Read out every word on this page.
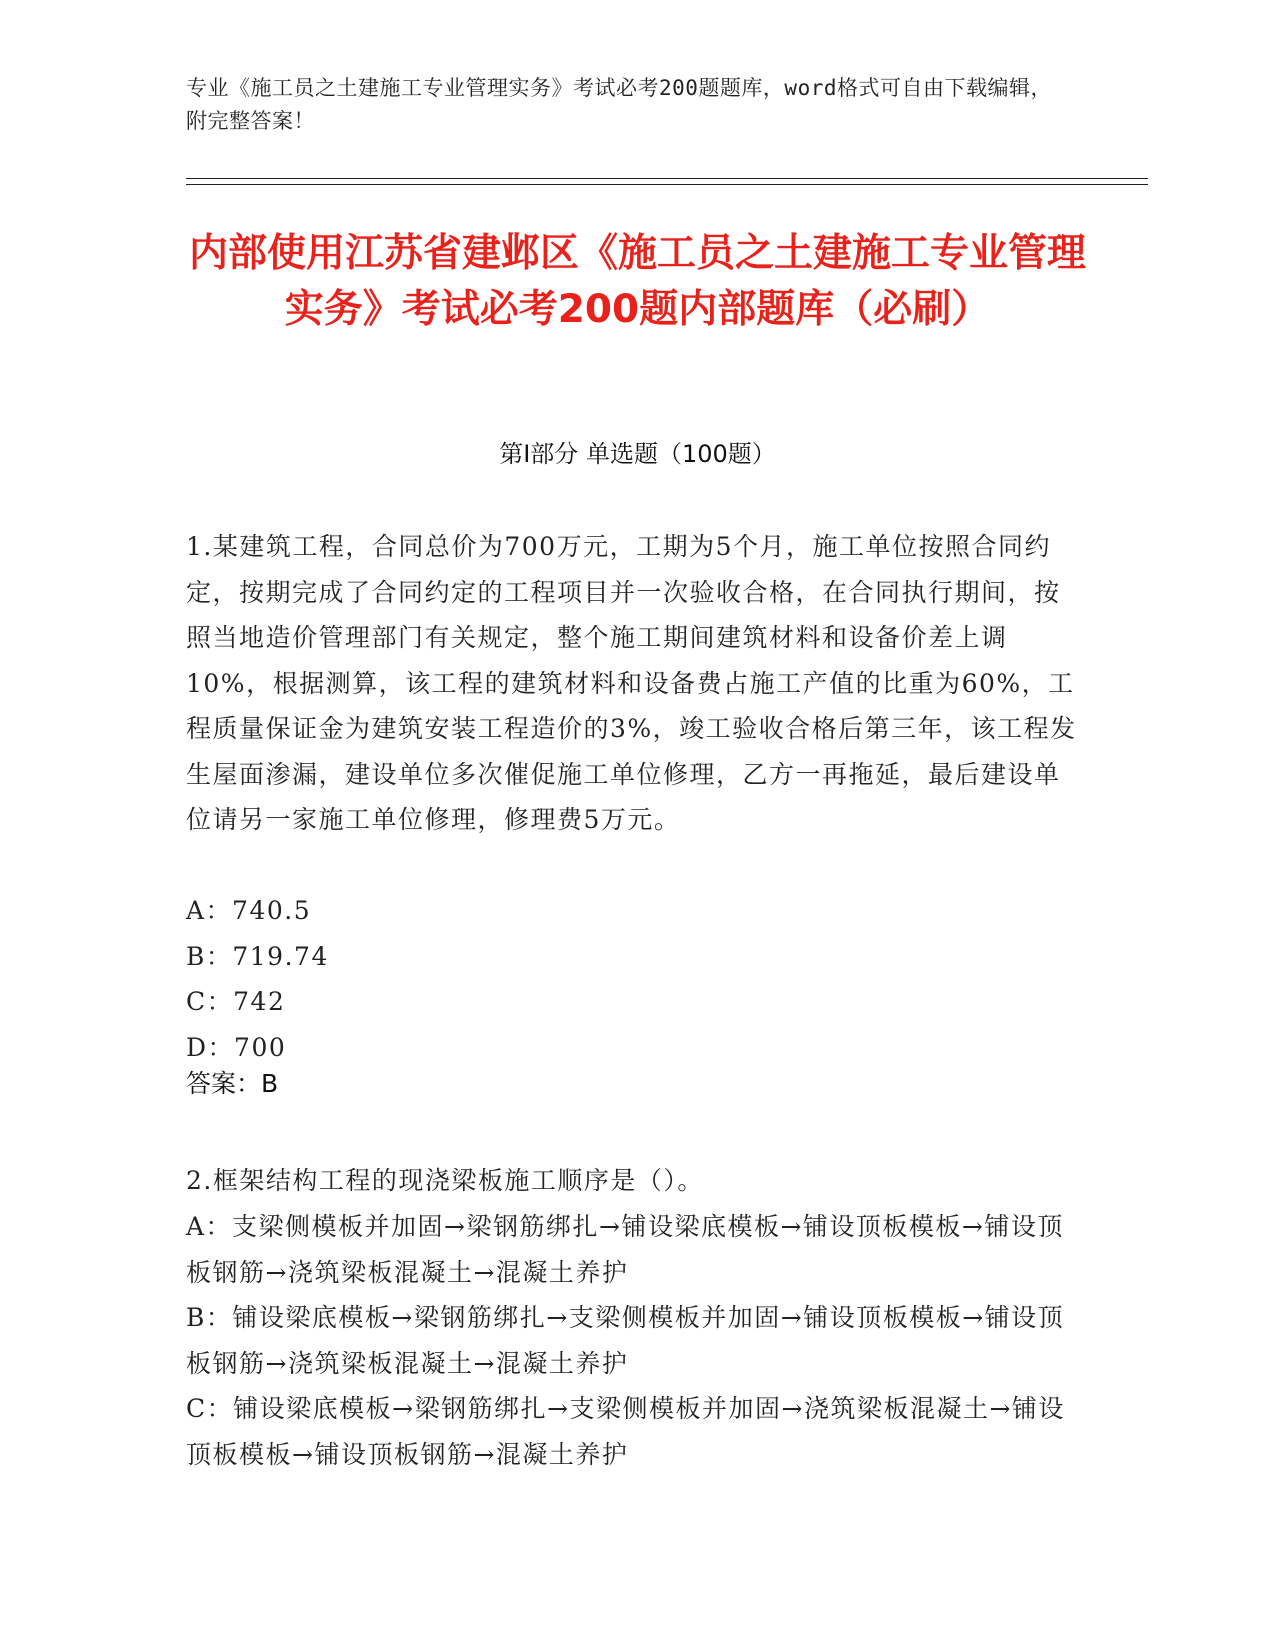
专业《施工员之土建施工专业管理实务》考试必考200题题库，word格式可自由下载编辑，附完整答案！
内部使用江苏省建邺区《施工员之土建施工专业管理实务》考试必考200题内部题库（必刷）
第I部分 单选题（100题）
1.某建筑工程，合同总价为700万元，工期为5个月，施工单位按照合同约定，按期完成了合同约定的工程项目并一次验收合格，在合同执行期间，按照当地造价管理部门有关规定，整个施工期间建筑材料和设备价差上调10%，根据测算，该工程的建筑材料和设备费占施工产值的比重为60%，工程质量保证金为建筑安装工程造价的3%，竣工验收合格后第三年，该工程发生屋面渗漏，建设单位多次催促施工单位修理，乙方一再拖延，最后建设单位请另一家施工单位修理，修理费5万元。
A：740.5
B：719.74
C：742
D：700
答案：B
2.框架结构工程的现浇梁板施工顺序是（）。
A：支梁侧模板并加固→梁钢筋绑扎→铺设梁底模板→铺设顶板模板→铺设顶板钢筋→浇筑梁板混凝土→混凝土养护
B：铺设梁底模板→梁钢筋绑扎→支梁侧模板并加固→铺设顶板模板→铺设顶板钢筋→浇筑梁板混凝土→混凝土养护
C：铺设梁底模板→梁钢筋绑扎→支梁侧模板并加固→浇筑梁板混凝土→铺设顶板模板→铺设顶板钢筋→混凝土养护
